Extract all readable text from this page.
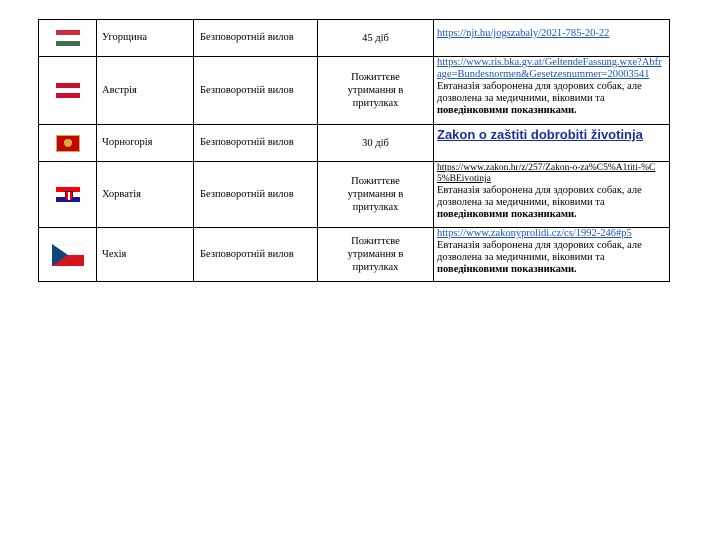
	Угорщина	Безповоротній вилов	45 діб	https://njt.hu/jogszabaly/2021-785-20-22

	Австрія	Безповоротній вилов	Пожиттєве
утримання в
притулках	https://www.ris.bka.gv.at/GeltendeFassung.wxe?Abfrage=Bundesnormen&Gesetzesnummer=20003541
Евтаназія заборонена для здорових собак, але
дозволена за медичними, віковими та
поведінковими показниками.

	Чорногорія	Безповоротній вилов	30 діб	Zakon o zaštiti dobrobiti životinja

	Хорватія	Безповоротній вилов	Пожиттєве
утримання в
притулках	https://www.zakon.hr/z/257/Zakon-o-za%C5%A1titi-%C5%BEivotinja
Евтаназія заборонена для здорових собак, але
дозволена за медичними, віковими та
поведінковими показниками.

	Чехія	Безповоротній вилов	Пожиттєве
утримання в
притулках	https://www.zakonyprolidi.cz/cs/1992-246#p5
Евтаназія заборонена для здорових собак, але
дозволена за медичними, віковими та
поведінковими показниками.
